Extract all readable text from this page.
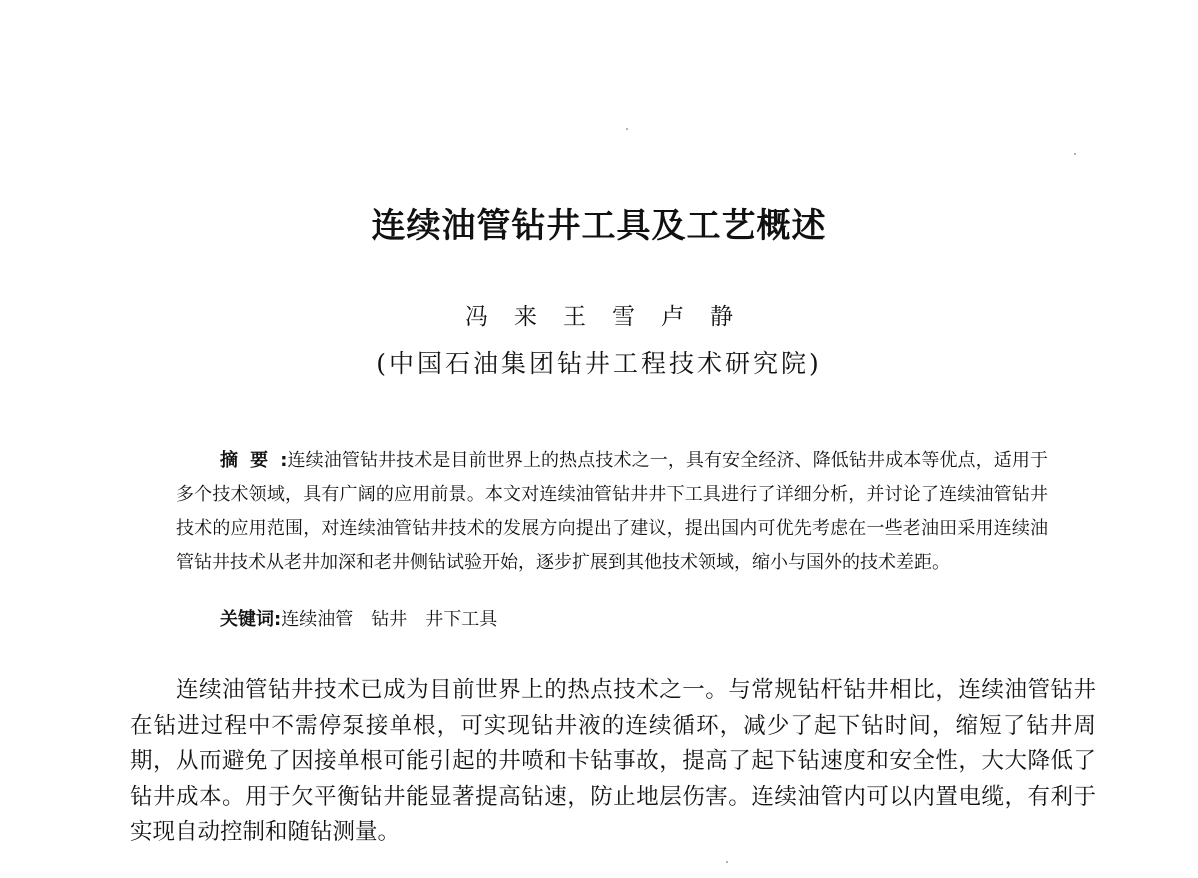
连续油管钻井工具及工艺概述
冯来王雪卢静
(中国石油集团钻井工程技术研究院)

摘要:连续油管钻井技术是目前世界上的热点技术之一，具有安全经济、降低钻井成本等优点，适用于多个技术领域，具有广阔的应用前景。本文对连续油管钻井井下工具进行了详细分析，并讨论了连续油管钻井技术的应用范围，对连续油管钻井技术的发展方向提出了建议，提出国内可优先考虑在一些老油田采用连续油管钻井技术从老井加深和老井侧钻试验开始，逐步扩展到其他技术领域，缩小与国外的技术差距。

关键词:连续油管 钻井 井下工具

连续油管钻井技术已成为目前世界上的热点技术之一。与常规钻杆钻井相比，连续油管钻井在钻进过程中不需停泵接单根，可实现钻井液的连续循环，减少了起下钻时间，缩短了钻井周期，从而避免了因接单根可能引起的井喷和卡钻事故，提高了起下钻速度和安全性，大大降低了钻井成本。用于欠平衡钻井能显著提高钻速，防止地层伤害。连续油管内可以内置电缆，有利于实现自动控制和随钻测量。
